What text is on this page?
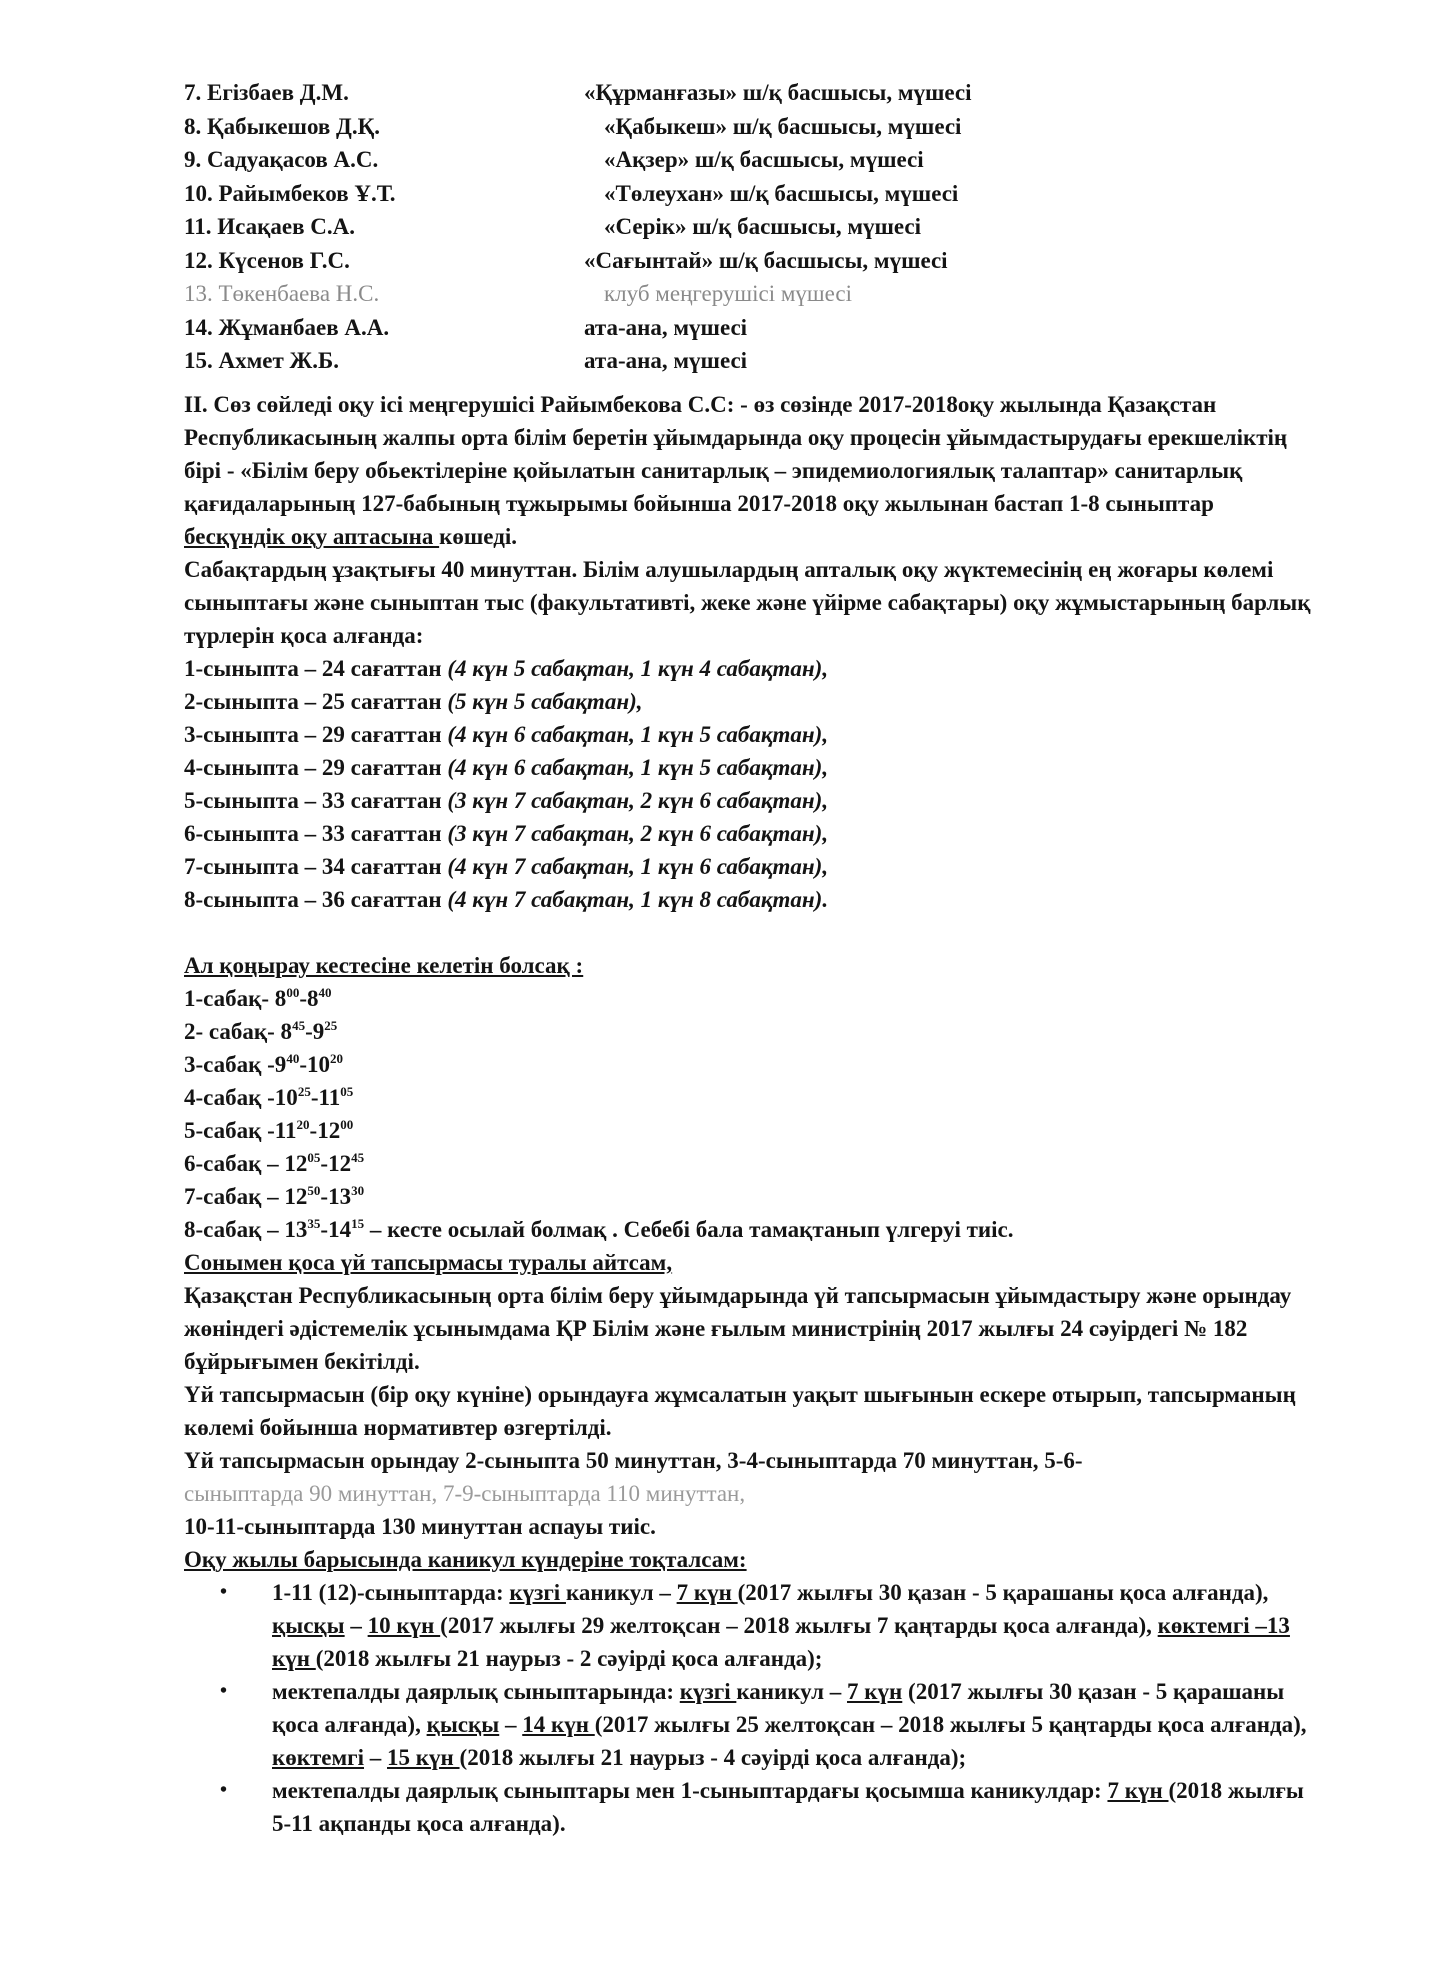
7. Егізбаев Д.М.	«Құрманғазы» ш/қ басшысы, мүшесі
8. Қабыкешов Д.Қ.	«Қабыкеш» ш/қ басшысы, мүшесі
9. Садуақасов А.С.	«Ақзер» ш/қ басшысы, мүшесі
10. Райымбеков Ұ.Т.	«Төлеухан» ш/қ басшысы, мүшесі
11. Исақаев С.А.	«Серік» ш/қ басшысы, мүшесі
12. Күсенов Г.С.	«Сағынтай» ш/қ басшысы, мүшесі
13. Төкенбаева Н.С.	клуб меңгерушісі мүшесі
14. Жұманбаев А.А.	ата-ана, мүшесі
15. Ахмет Ж.Б.	ата-ана, мүшесі

ІІ. Сөз сөйледі оқу ісі меңгерушісі Райымбекова С.С: - өз сөзінде 2017-2018оқу жылында Қазақстан Республикасының жалпы орта білім беретін ұйымдарында оқу процесін ұйымдастырудағы ерекшеліктің бірі - «Білім беру обьектілеріне қойылатын санитарлық – эпидемиологиялық талаптар» санитарлық қағидаларының 127-бабының тұжырымы бойынша 2017-2018 оқу жылынан бастап 1-8 сыныптар бесқүндік оқу аптасына көшеді.

Сабақтардың ұзақтығы 40 минуттан. Білім алушылардың апталық оқу жүктемесінің ең жоғары көлемі сыныптағы және сыныптан тыс (факультативті, жеке және үйірме сабақтары) оқу жұмыстарының барлық түрлерін қоса алғанда:

1-сыныпта – 24 сағаттан (4 күн 5 сабақтан, 1 күн 4 сабақтан),
2-сыныпта – 25 сағаттан (5 күн 5 сабақтан),
3-сыныпта – 29 сағаттан (4 күн 6 сабақтан, 1 күн 5 сабақтан),
4-сыныпта – 29 сағаттан (4 күн 6 сабақтан, 1 күн 5 сабақтан),
5-сыныпта – 33 сағаттан (3 күн 7 сабақтан, 2 күн 6 сабақтан),
6-сыныпта – 33 сағаттан (3 күн 7 сабақтан, 2 күн 6 сабақтан),
7-сыныпта – 34 сағаттан (4 күн 7 сабақтан, 1 күн 6 сабақтан),
8-сыныпта – 36 сағаттан (4 күн 7 сабақтан, 1 күн 8 сабақтан).
Ал қоңырау кестесіне келетін болсақ :
1-сабақ- $8^{00}-8^{40}$
2- сабақ- $8^{45}-9^{25}$
3-сабақ $-9^{40}-10^{20}$
4-сабақ $-10^{25}-11^{05}$
5-сабақ $-11^{20}-12^{00}$
6-сабақ – $12^{05}-12^{45}$
7-сабақ – $12^{50}-13^{30}$
8-сабақ – $13^{35}-14^{15}$ – кесте осылай болмақ . Себебі бала тамақтанып үлгеруі тиіс.
Сонымен қоса үй тапсырмасы туралы айтсам,

Қазақстан Республикасының орта білім беру ұйымдарында үй тапсырмасын ұйымдастыру және орындау жөніндегі әдістемелік ұсынымдама ҚР Білім және ғылым министрінің 2017 жылғы 24 сәуірдегі № 182 бұйрығымен бекітілді.

Үй тапсырмасын (бір оқу күніне) орындауға жұмсалатын уақыт шығынын ескере отырып, тапсырманың көлемі бойынша нормативтер өзгертілді.

Үй тапсырмасын орындау 2-сыныпта 50 минуттан, 3-4-сыныптарда 70 минуттан, 5-6-
сыныптарда 90 минуттан, 7-9-сыныптарда 110 минуттан,
10-11-сыныптарда 130 минуттан аспауы тиіс.
Оқу жылы барысында каникул күндеріне тоқталсам:
• 1-11 (12)-сыныптарда: күзгі каникул – 7 күн (2017 жылғы 30 қазан - 5 қарашаны қоса алғанда), қысқы – 10 күн (2017 жылғы 29 желтоқсан – 2018 жылғы 7 қаңтарды қоса алғанда), көктемгі –13 күн (2018 жылғы 21 наурыз - 2 сәуірді қоса алғанда);
• мектепалды даярлық сыныптарында: күзгі каникул – 7 күн (2017 жылғы 30 қазан - 5 қарашаны қоса алғанда), қысқы – 14 күн (2017 жылғы 25 желтоқсан – 2018 жылғы 5 қаңтарды қоса алғанда), көктемгі – 15 күн (2018 жылғы 21 наурыз - 4 сәуірді қоса алғанда);
• мектепалды даярлық сыныптары мен 1-сыныптардағы қосымша каникулдар: 7 күн (2018 жылғы 5-11 ақпанды қоса алғанда).
